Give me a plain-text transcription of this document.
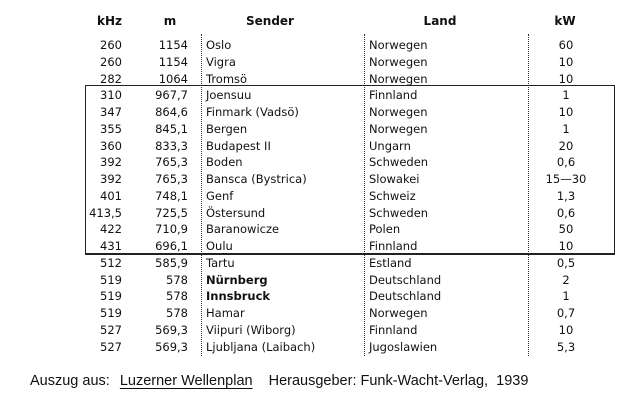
kHz	m	Sender	Land	kW
260	1154 Oslo	Norwegen	60
260	1154 Vigra	Norwegen	10
282	1064 Tromsö	Norwegen	10
310	967,7 Joensuu	Finnland	1
347	864,6 Finmark (Vadsö)	Norwegen	10
355	845,1 Bergen	Norwegen	1
360	833,3 Budapest II	Ungarn	20
392	765,3 Boden	Schweden	0,6
392	765,3 Bansca (Bystrica)	Slowakei	15—30
401	748,1 Genf	Schweiz	1,3
413,5	725,5 Östersund	Schweden	0,6
422	710,9 Baranowicze	Polen	50
431	696,1 Oulu	Finnland	10
512	585,9 Tartu	Estland	0,5
519	578 Nürnberg	Deutschland	2
519	578 Innsbruck	Deutschland	1
519	578 Hamar	Norwegen	0,7
527	569,3 Viipuri (Wiborg)	Finnland	10
527	569,3 Ljubljana (Laibach)	Jugoslawien	5,3
Auszug aus: Luzerner Wellenplan Herausgeber: Funk-Wacht-Verlag, 1939
